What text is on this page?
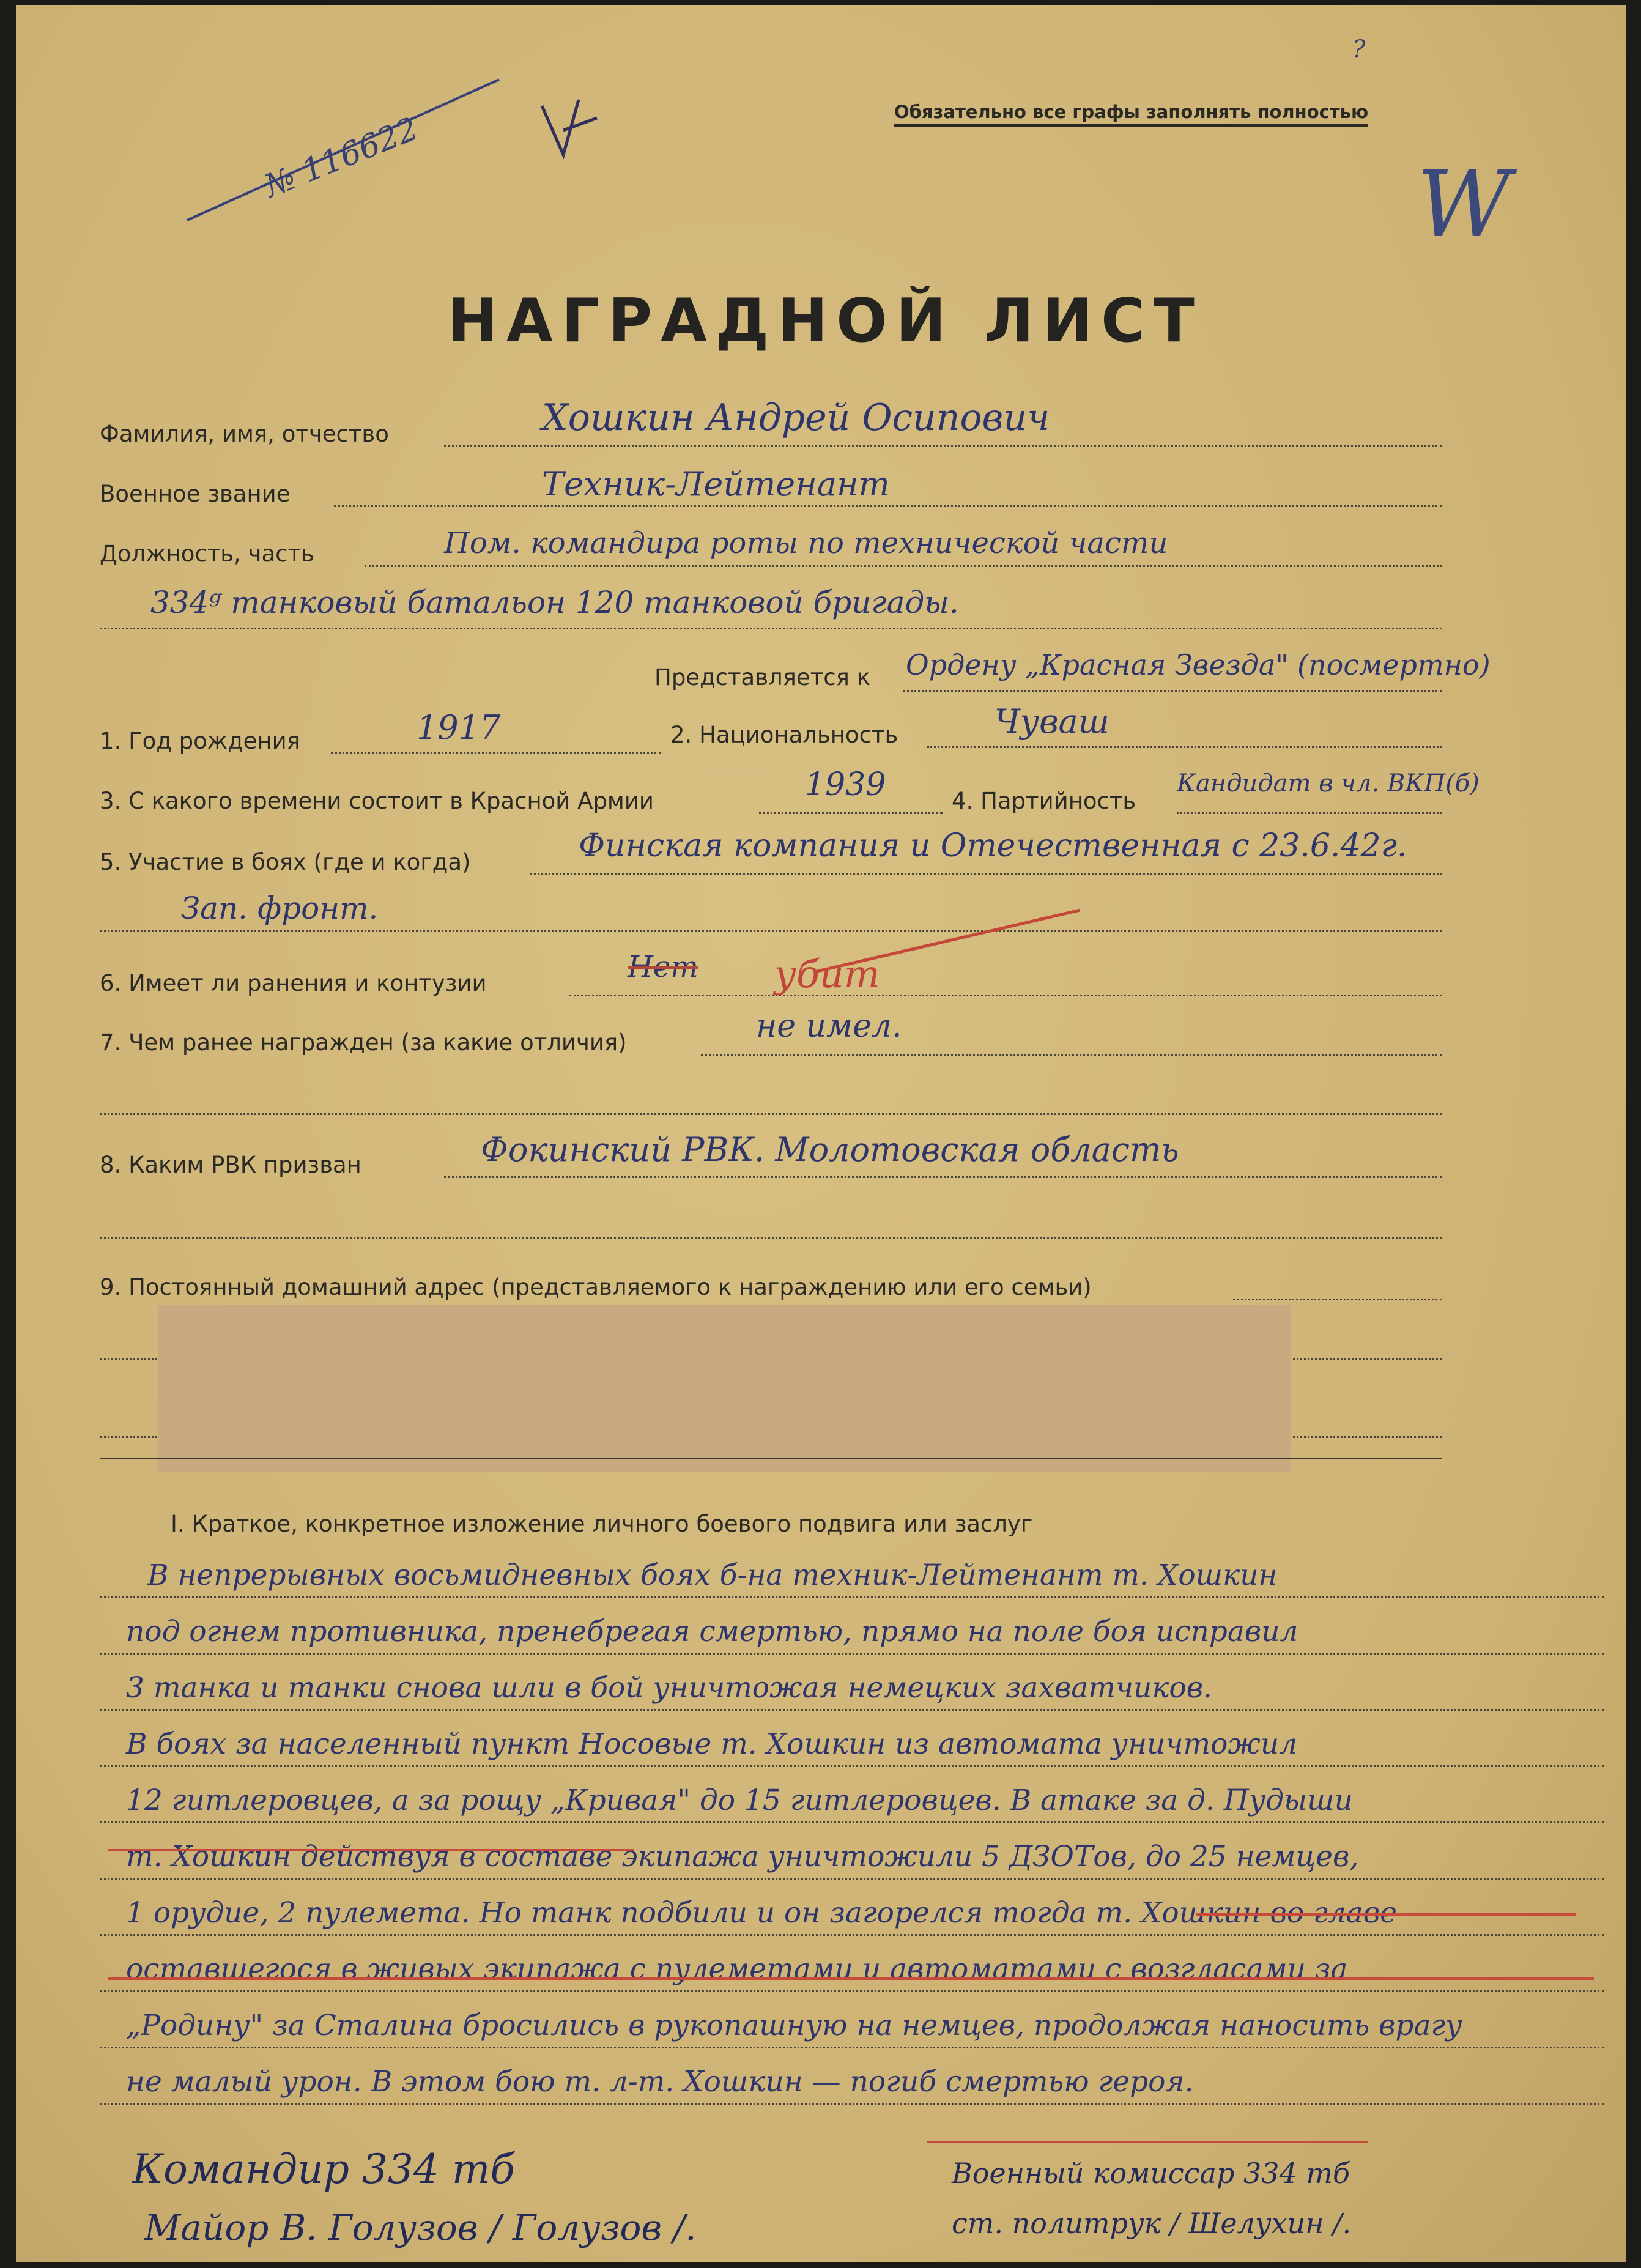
№ 116622
?
W
Обязательно все графы заполнять полностью
НАГРАДНОЙ ЛИСТ
Фамилия, имя, отчество	Хошкин Андрей Осипович
Военное звание	Техник-Лейтенант
Должность, часть	Пом. командира роты по технической части
334ᵍ танковый батальон 120 танковой бригады.
Представляется к Ордену „Красная Звезда" (посмертно)
1. Год рождения	1917	2. Национальность	Чуваш
3. С какого времени состоит в Красной Армии	1939	4. Партийность
Кандидат в чл. ВКП(б)
5. Участие в боях (где и когда)	Финская компания и Отечественная с 23.6.42г.
Зап. фронт.
6. Имеет ли ранения и контузии	Нет убит
7. Чем ранее награжден (за какие отличия)	не имел.
8. Каким РВК призван	Фокинский РВК. Молотовская область
9. Постоянный домашний адрес (представляемого к награждению или его семьи)
I. Краткое, конкретное изложение личного боевого подвига или заслуг
В непрерывных восьмидневных боях б-на техник-Лейтенант т. Хошкин
под огнем противника, пренебрегая смертью, прямо на поле боя исправил
3 танка и танки снова шли в бой уничтожая немецких захватчиков.
В боях за населенный пункт Носовые т. Хошкин из автомата уничтожил
12 гитлеровцев, а за рощу „Кривая" до 15 гитлеровцев. В атаке за д. Пудыши
т. Хошкин действуя в составе экипажа уничтожили 5 ДЗОТов, до 25 немцев,
1 орудие, 2 пулемета. Но танк подбили и он загорелся тогда т. Хошкин во главе
оставшегося в живых экипажа с пулеметами и автоматами с возгласами за
„Родину" за Сталина бросились в рукопашную на немцев, продолжая наносить врагу
не малый урон. В этом бою т. л-т. Хошкин — погиб смертью героя.
Командир 334 тб
Майор В. Голузов / Голузов /.
Военный комиссар 334 тб
ст. политрук / Шелухин /.
